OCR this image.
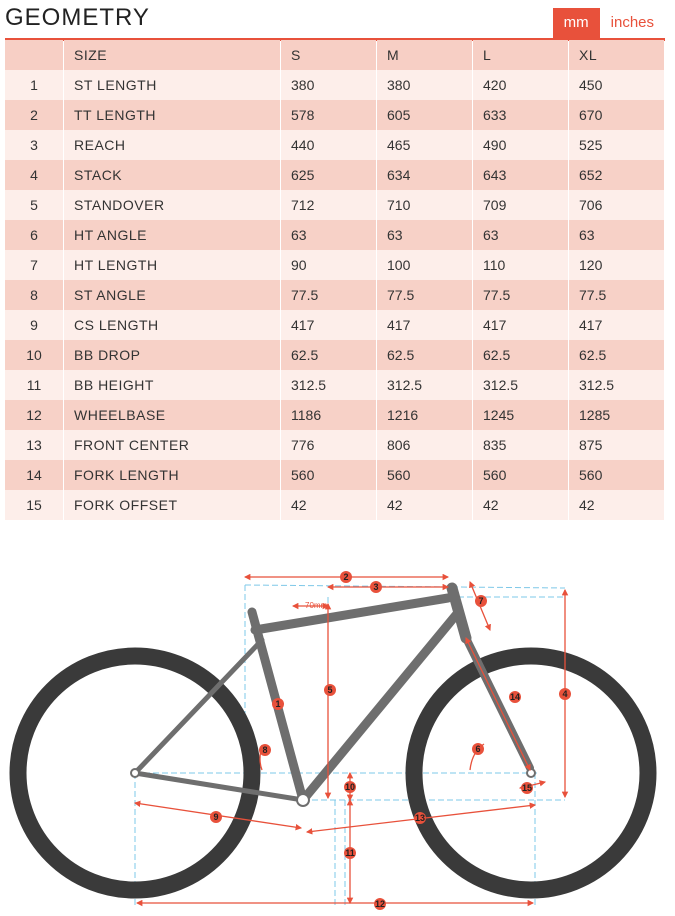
GEOMETRY	mm	inches
	SIZE	S	M	L	XL
1	ST LENGTH	380	380	420	450
2	TT LENGTH	578	605	633	670
3	REACH	440	465	490	525
4	STACK	625	634	643	652
5	STANDOVER	712	710	709	706
6	HT ANGLE	63	63	63	63
7	HT LENGTH	90	100	110	120
8	ST ANGLE	77.5	77.5	77.5	77.5
9	CS LENGTH	417	417	417	417
10	BB DROP	62.5	62.5	62.5	62.5
11	BB HEIGHT	312.5	312.5	312.5	312.5
12	WHEELBASE	1186	1216	1245	1285
13	FRONT CENTER	776	806	835	875
14	FORK LENGTH	560	560	560	560
15	FORK OFFSET	42	42	42	42
70mm
1
2
3
4
5
6
7
8
9
10
11
12
13
14
15
